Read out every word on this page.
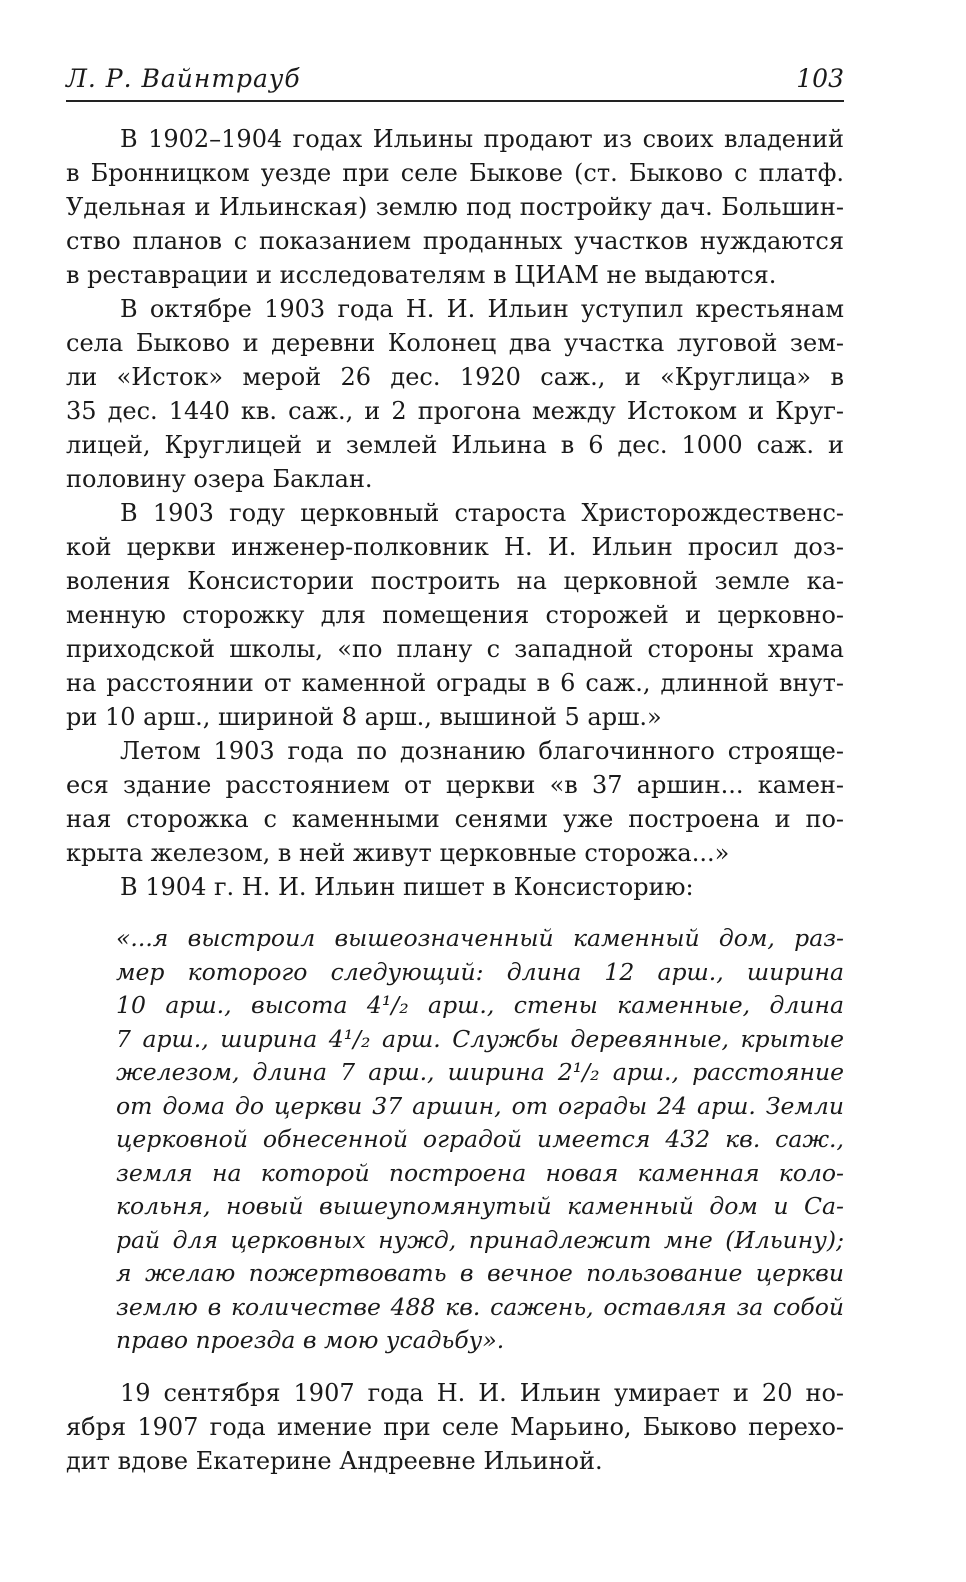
Л. Р. Вайнтрауб	103

В 1902–1904 годах Ильины продают из своих владений
в Бронницком уезде при селе Быкове (ст. Быково с платф.
Удельная и Ильинская) землю под постройку дач. Большин-
ство планов с показанием проданных участков нуждаются
в реставрации и исследователям в ЦИАМ не выдаются.

В октябре 1903 года Н. И. Ильин уступил крестьянам
села Быково и деревни Колонец два участка луговой зем-
ли «Исток» мерой 26 дес. 1920 саж., и «Круглица» в
35 дес. 1440 кв. саж., и 2 прогона между Истоком и Круг-
лицей, Круглицей и землей Ильина в 6 дес. 1000 саж. и
половину озера Баклан.

В 1903 году церковный староста Христорождественс-
кой церкви инженер-полковник Н. И. Ильин просил доз-
воления Консистории построить на церковной земле ка-
менную сторожку для помещения сторожей и церковно-
приходской школы, «по плану с западной стороны храма
на расстоянии от каменной ограды в 6 саж., длинной внут-
ри 10 арш., шириной 8 арш., вышиной 5 арш.»

Летом 1903 года по дознанию благочинного строяще-
еся здание расстоянием от церкви «в 37 аршин... камен-
ная сторожка с каменными сенями уже построена и по-
крыта железом, в ней живут церковные сторожа...»

В 1904 г. Н. И. Ильин пишет в Консисторию:

«...я выстроил вышеозначенный каменный дом, раз-
мер которого следующий: длина 12 арш., ширина
10 арш., высота 4¹/₂ арш., стены каменные, длина
7 арш., ширина 4¹/₂ арш. Службы деревянные, крытые
железом, длина 7 арш., ширина 2¹/₂ арш., расстояние
от дома до церкви 37 аршин, от ограды 24 арш. Земли
церковной обнесенной оградой имеется 432 кв. саж.,
земля на которой построена новая каменная коло-
кольня, новый вышеупомянутый каменный дом и Са-
рай для церковных нужд, принадлежит мне (Ильину);
я желаю пожертвовать в вечное пользование церкви
землю в количестве 488 кв. сажень, оставляя за собой
право проезда в мою усадьбу».

19 сентября 1907 года Н. И. Ильин умирает и 20 но-
ября 1907 года имение при селе Марьино, Быково перехо-
дит вдове Екатерине Андреевне Ильиной.
